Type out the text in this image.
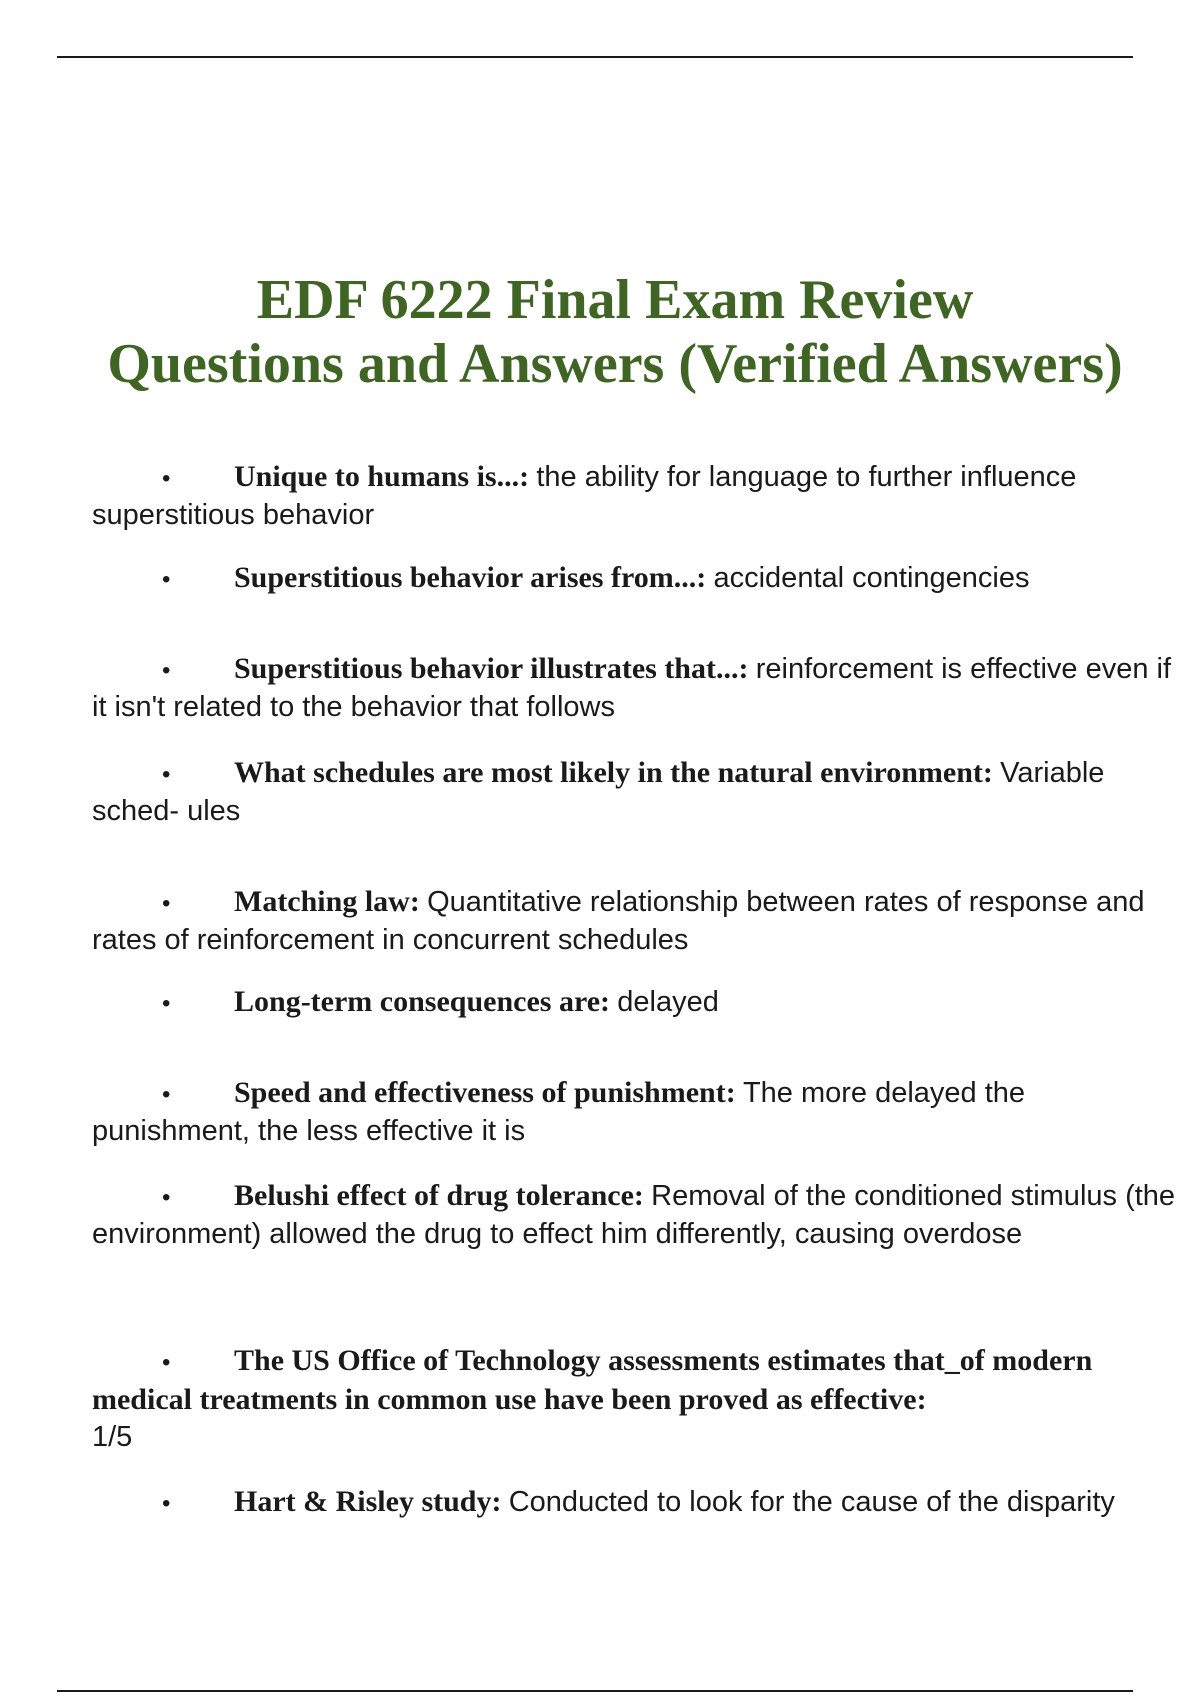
EDF 6222 Final Exam Review
Questions and Answers (Verified Answers)

• Unique to humans is...: the ability for language to further influence superstitious behavior

• Superstitious behavior arises from...: accidental contingencies

• Superstitious behavior illustrates that...: reinforcement is effective even if it isn't related to the behavior that follows

• What schedules are most likely in the natural environment: Variable sched- ules

• Matching law: Quantitative relationship between rates of response and rates of reinforcement in concurrent schedules

• Long-term consequences are: delayed

• Speed and effectiveness of punishment: The more delayed the punishment, the less effective it is

• Belushi effect of drug tolerance: Removal of the conditioned stimulus (the environment) allowed the drug to effect him differently, causing overdose

• The US Office of Technology assessments estimates that_of modern medical treatments in common use have been proved as effective:
1/5

• Hart & Risley study: Conducted to look for the cause of the disparity
